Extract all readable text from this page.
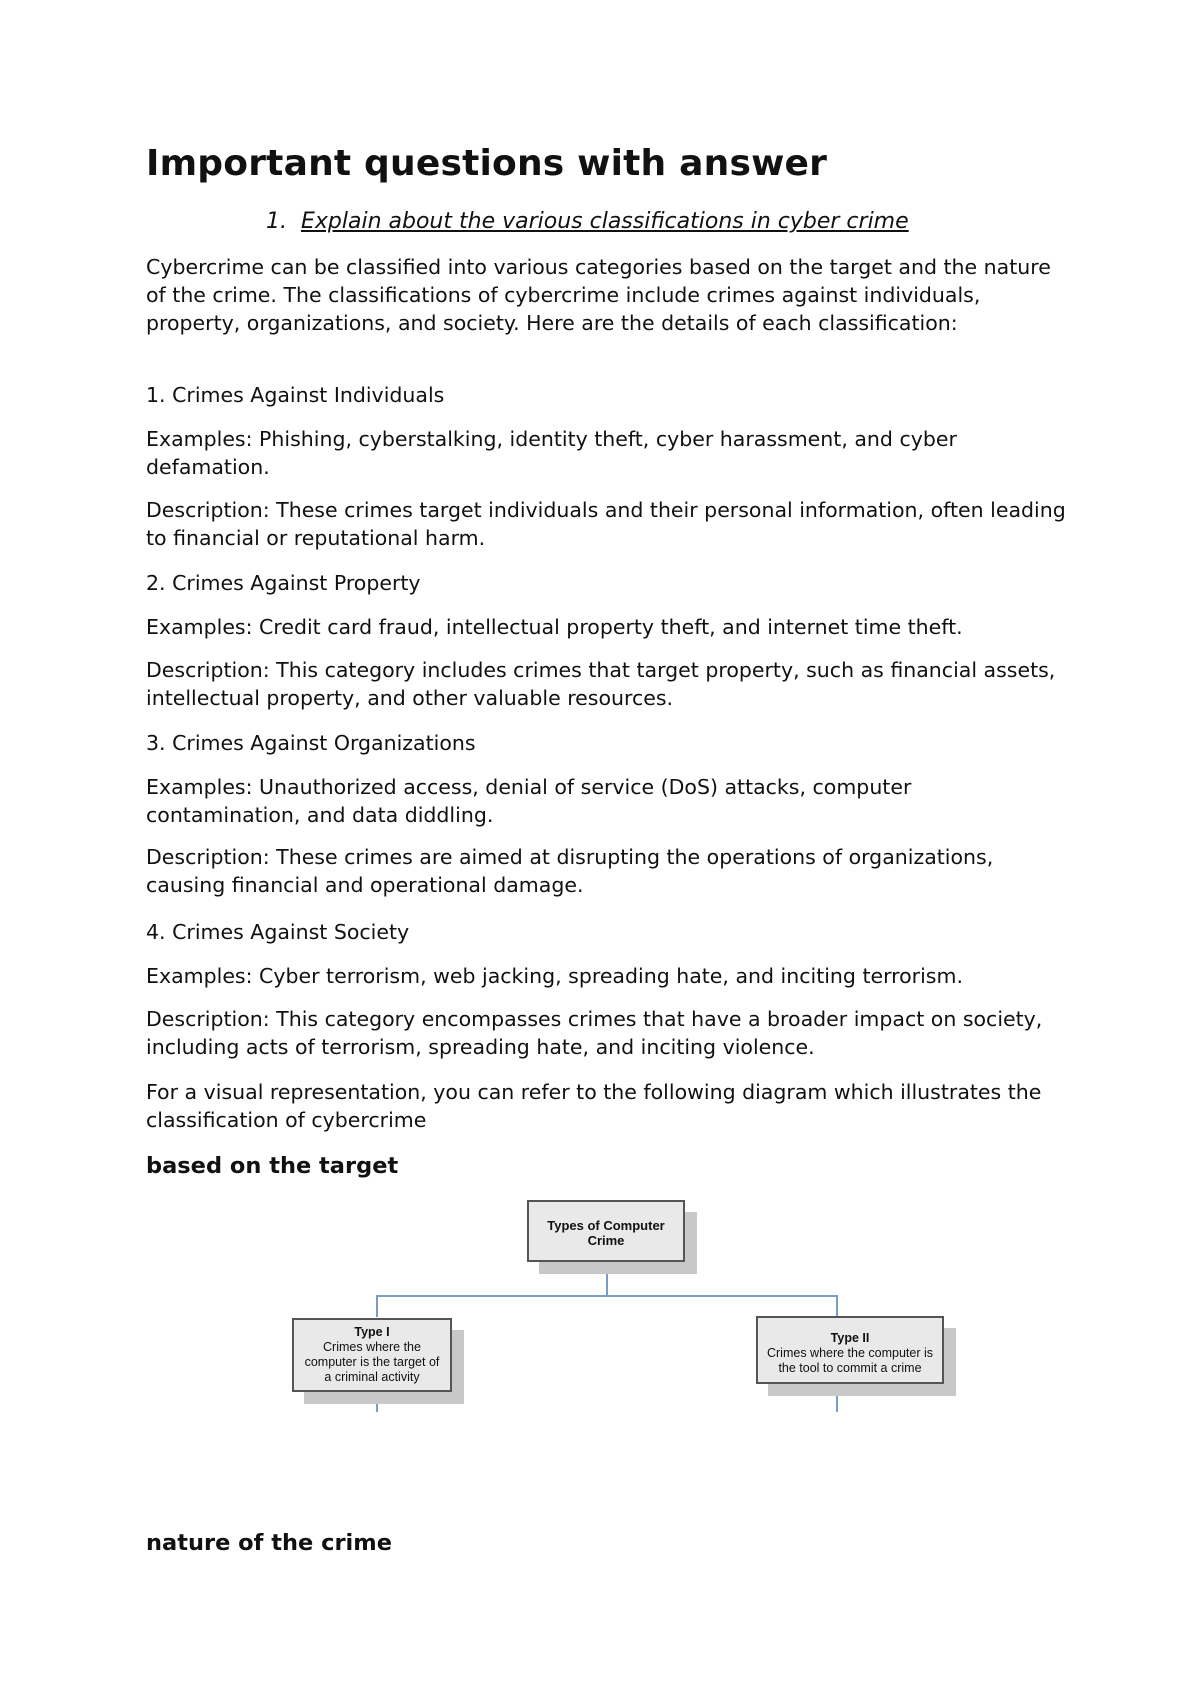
Important questions with answer

1. Explain about the various classifications in cyber crime

Cybercrime can be classified into various categories based on the target and the nature of the crime. The classifications of cybercrime include crimes against individuals, property, organizations, and society. Here are the details of each classification:

1. Crimes Against Individuals

Examples: Phishing, cyberstalking, identity theft, cyber harassment, and cyber defamation.

Description: These crimes target individuals and their personal information, often leading to financial or reputational harm.

2. Crimes Against Property

Examples: Credit card fraud, intellectual property theft, and internet time theft.

Description: This category includes crimes that target property, such as financial assets, intellectual property, and other valuable resources.

3. Crimes Against Organizations

Examples: Unauthorized access, denial of service (DoS) attacks, computer contamination, and data diddling.

Description: These crimes are aimed at disrupting the operations of organizations, causing financial and operational damage.

4. Crimes Against Society

Examples: Cyber terrorism, web jacking, spreading hate, and inciting terrorism.

Description: This category encompasses crimes that have a broader impact on society, including acts of terrorism, spreading hate, and inciting violence.

For a visual representation, you can refer to the following diagram which illustrates the classification of cybercrime

based on the target

nature of the crime

Types of Computer Crime
Type I
Crimes where the computer is the target of a criminal activity
Type II
Crimes where the computer is the tool to commit a crime
